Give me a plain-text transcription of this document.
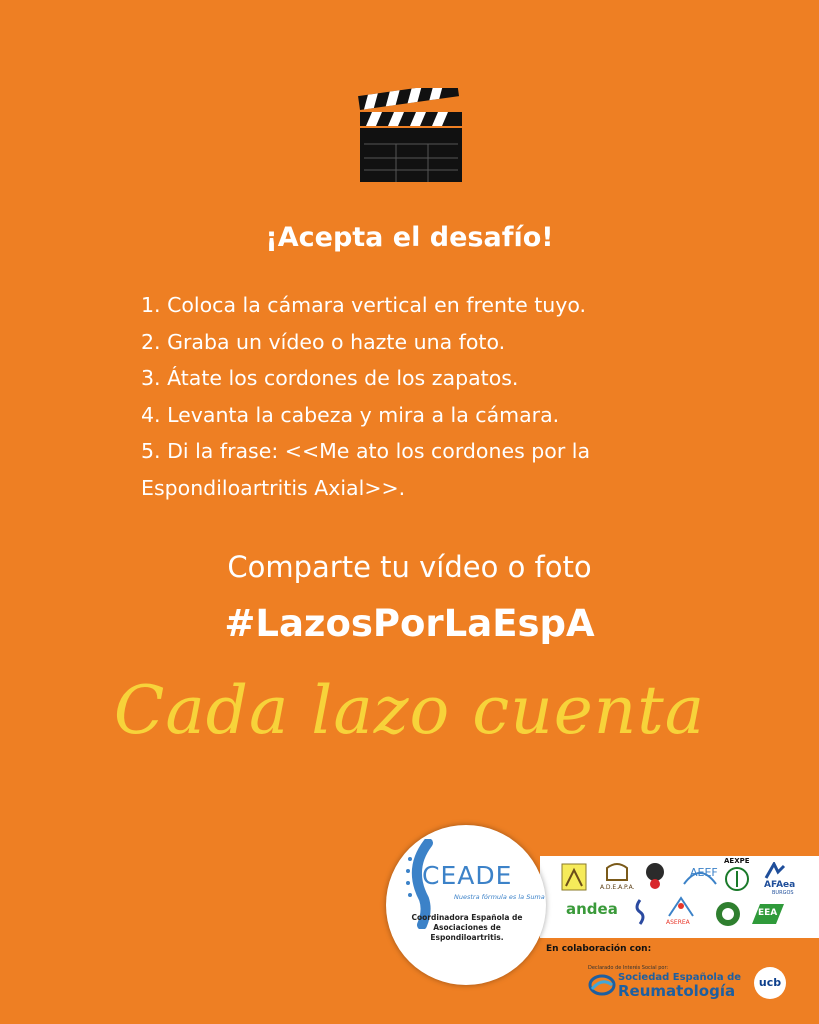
¡Acepta el desafío!
1. Coloca la cámara vertical en frente tuyo.
2. Graba un vídeo o hazte una foto.
3. Átate los cordones de los zapatos.
4. Levanta la cabeza y mira a la cámara.
5. Di la frase: <<Me ato los cordones por la
Espondiloartritis Axial>>.
Comparte tu vídeo o foto
#LazosPorLaEspA
Cada lazo cuenta
A.D.E.A.P.A.
AEEF
AEXPE
AFAea
BURGOS
andea
ASEREA
EEA
CEADE
Nuestra fórmula es la Suma
Coordinadora Española de Asociaciones de Espondiloartritis.
En colaboración con:
Declarado de Interés Social por:
Sociedad Española de
Reumatología	ucb
